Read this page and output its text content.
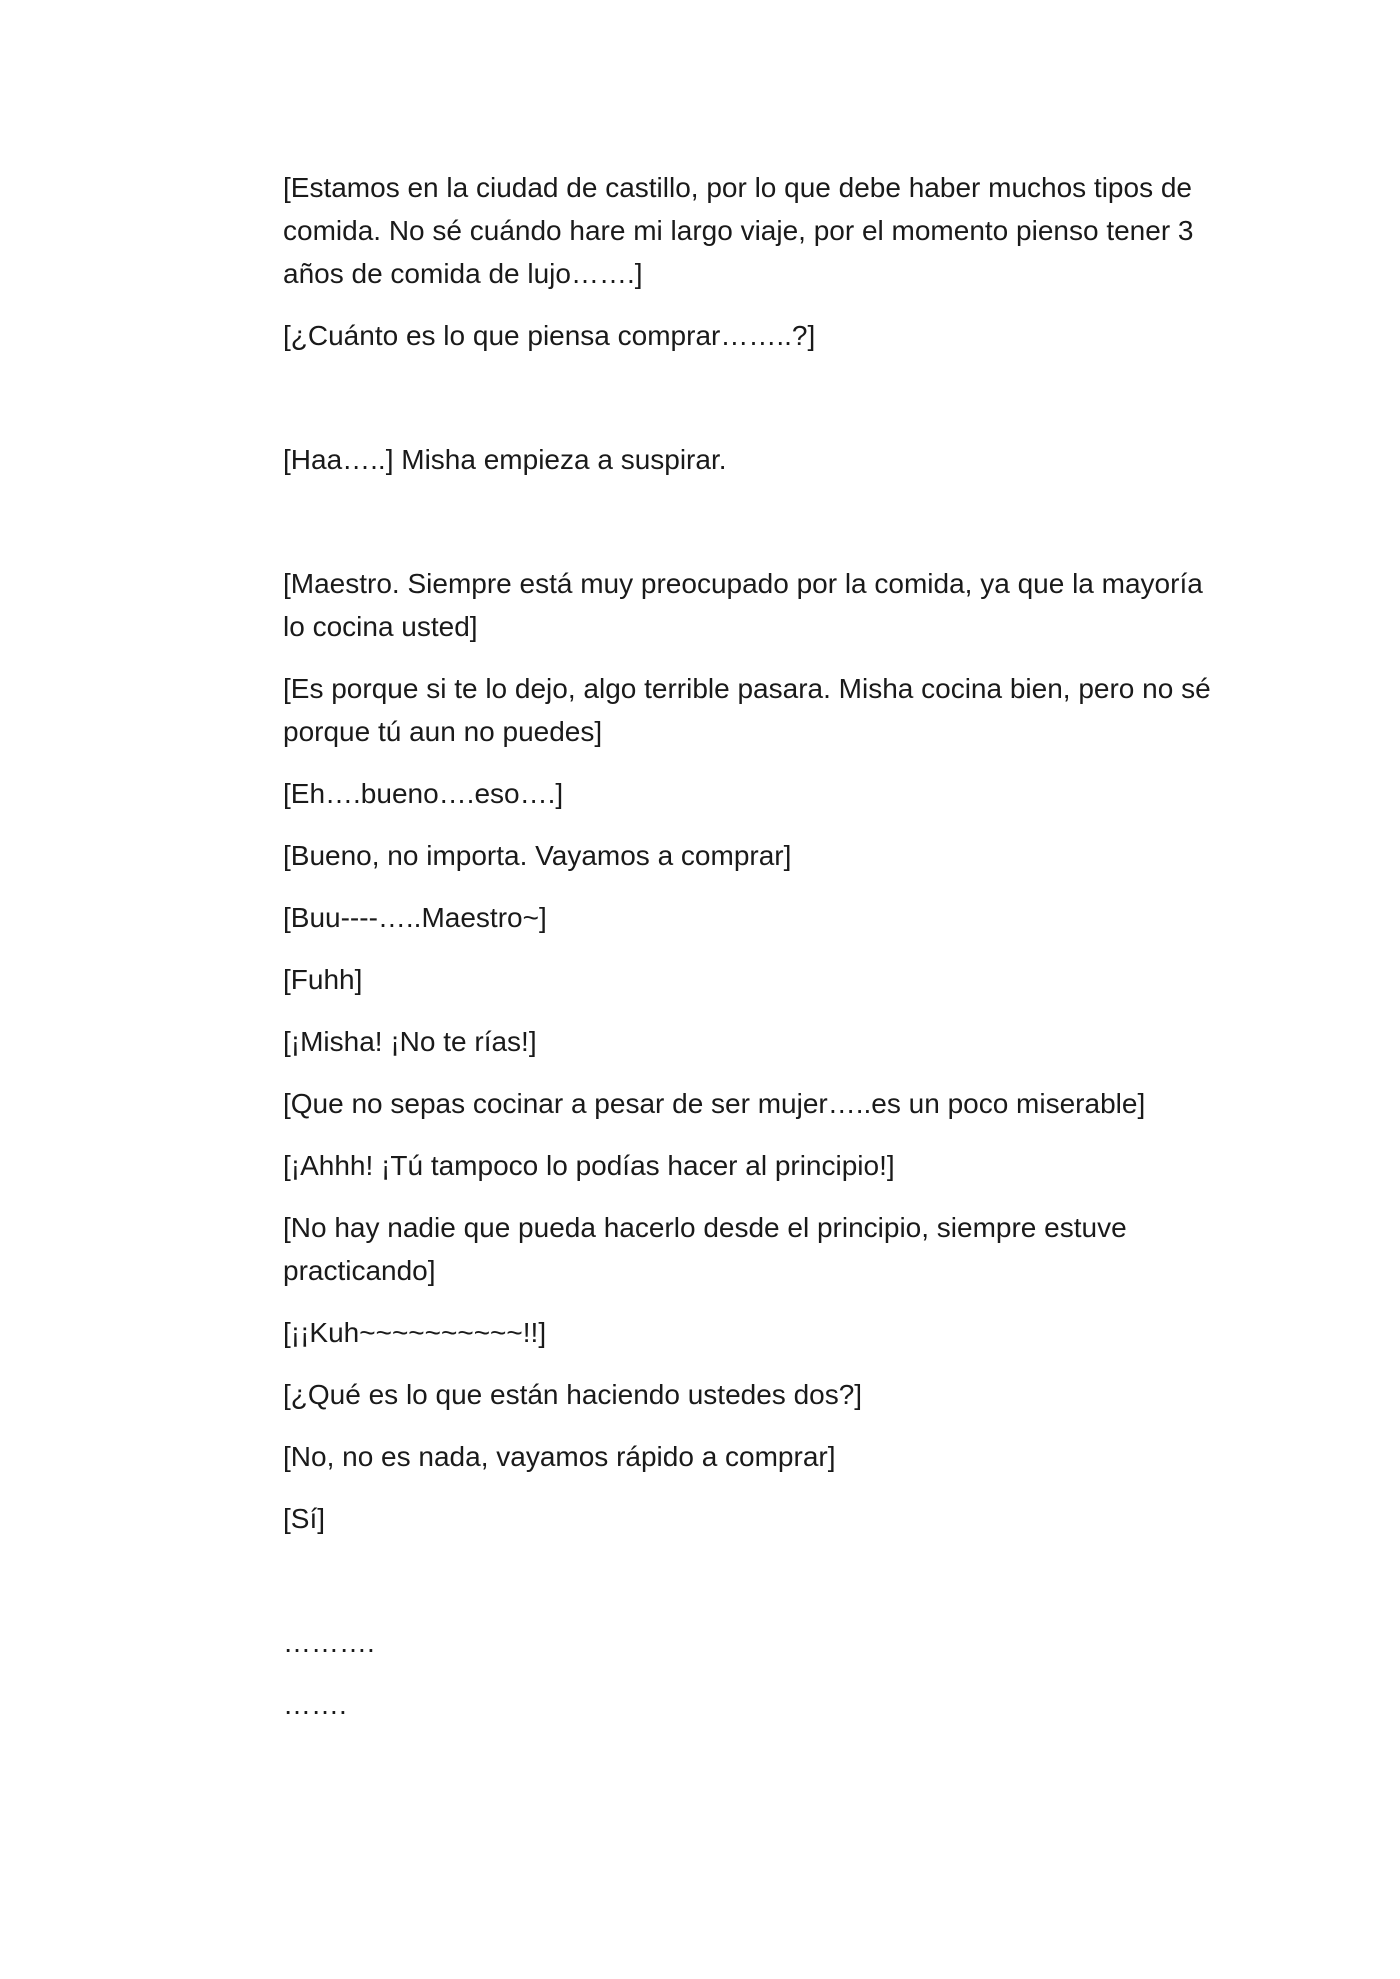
[Estamos en la ciudad de castillo, por lo que debe haber muchos tipos de comida. No sé cuándo hare mi largo viaje, por el momento pienso tener 3 años de comida de lujo…….]

[¿Cuánto es lo que piensa comprar……..?]

[Haa…..] Misha empieza a suspirar.

[Maestro. Siempre está muy preocupado por la comida, ya que la mayoría lo cocina usted]

[Es porque si te lo dejo, algo terrible pasara. Misha cocina bien, pero no sé porque tú aun no puedes]

[Eh….bueno….eso….]

[Bueno, no importa. Vayamos a comprar]

[Buu----…..Maestro~]

[Fuhh]

[¡Misha! ¡No te rías!]

[Que no sepas cocinar a pesar de ser mujer…..es un poco miserable]

[¡Ahhh! ¡Tú tampoco lo podías hacer al principio!]

[No hay nadie que pueda hacerlo desde el principio, siempre estuve practicando]

[¡¡Kuh~~~~~~~~~~!!]

[¿Qué es lo que están haciendo ustedes dos?]

[No, no es nada, vayamos rápido a comprar]

[Sí]

……….

…….
